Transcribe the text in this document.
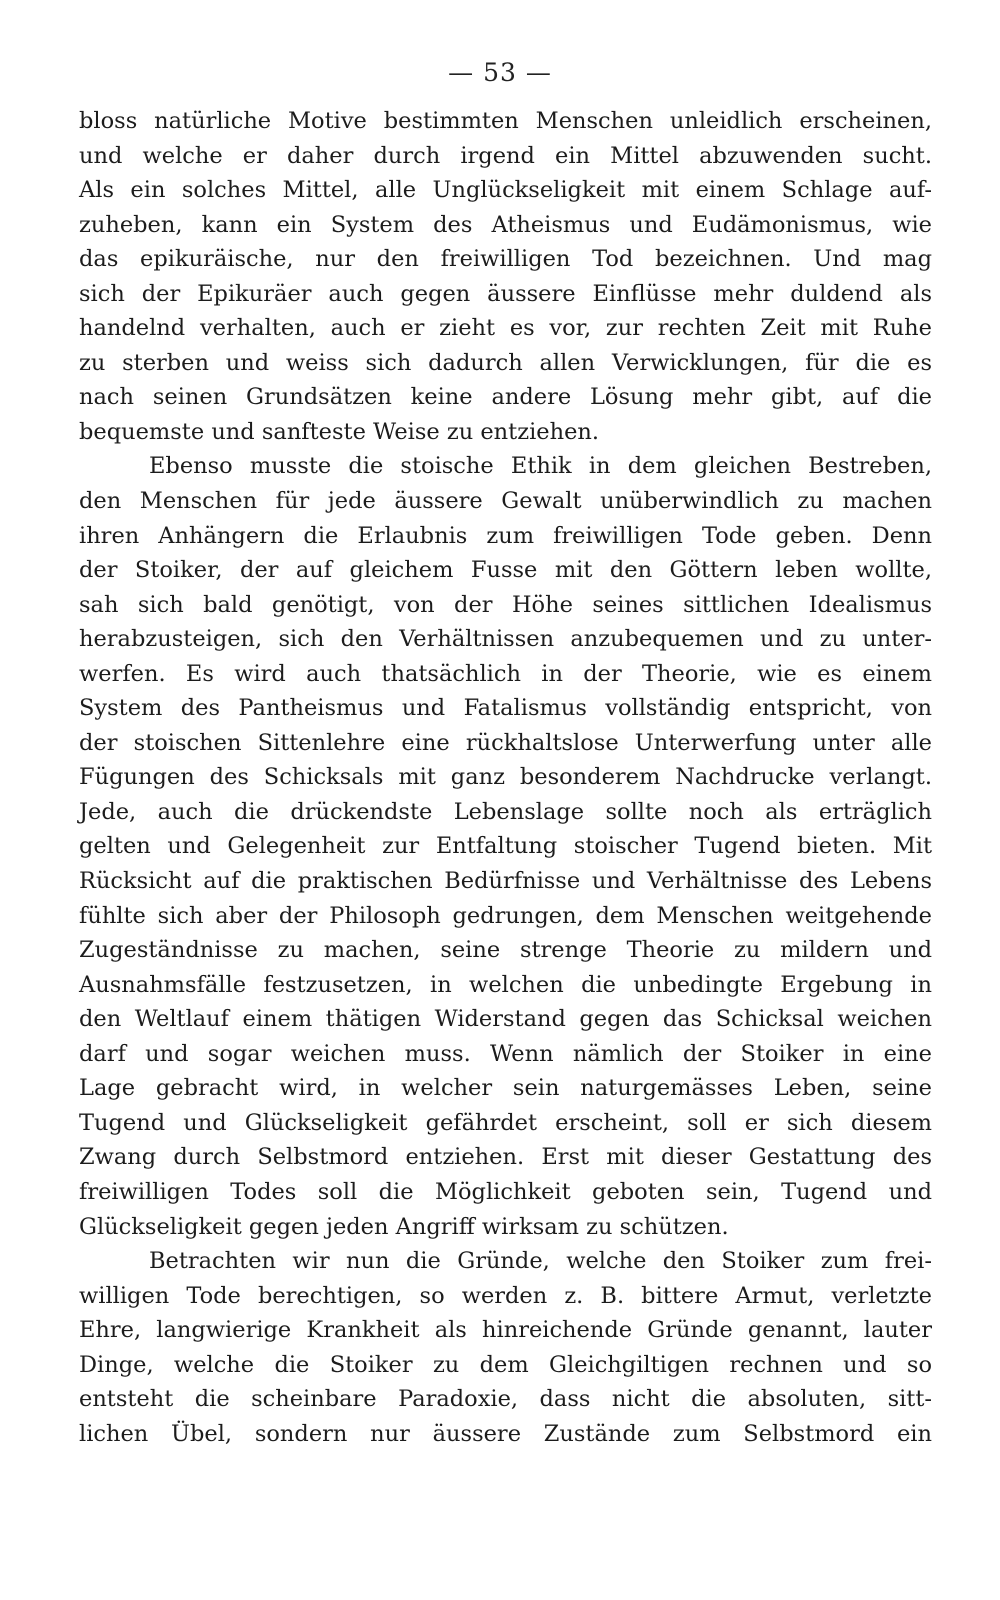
— 53 —
bloss natürliche Motive bestimmten Menschen unleidlich erscheinen,
und welche er daher durch irgend ein Mittel abzuwenden sucht.
Als ein solches Mittel, alle Unglückseligkeit mit einem Schlage auf-
zuheben, kann ein System des Atheismus und Eudämonismus, wie
das epikuräische, nur den freiwilligen Tod bezeichnen. Und mag
sich der Epikuräer auch gegen äussere Einflüsse mehr duldend als
handelnd verhalten, auch er zieht es vor, zur rechten Zeit mit Ruhe
zu sterben und weiss sich dadurch allen Verwicklungen, für die es
nach seinen Grundsätzen keine andere Lösung mehr gibt, auf die
bequemste und sanfteste Weise zu entziehen.
Ebenso musste die stoische Ethik in dem gleichen Bestreben,
den Menschen für jede äussere Gewalt unüberwindlich zu machen
ihren Anhängern die Erlaubnis zum freiwilligen Tode geben. Denn
der Stoiker, der auf gleichem Fusse mit den Göttern leben wollte,
sah sich bald genötigt, von der Höhe seines sittlichen Idealismus
herabzusteigen, sich den Verhältnissen anzubequemen und zu unter-
werfen. Es wird auch thatsächlich in der Theorie, wie es einem
System des Pantheismus und Fatalismus vollständig entspricht, von
der stoischen Sittenlehre eine rückhaltslose Unterwerfung unter alle
Fügungen des Schicksals mit ganz besonderem Nachdrucke verlangt.
Jede, auch die drückendste Lebenslage sollte noch als erträglich
gelten und Gelegenheit zur Entfaltung stoischer Tugend bieten. Mit
Rücksicht auf die praktischen Bedürfnisse und Verhältnisse des Lebens
fühlte sich aber der Philosoph gedrungen, dem Menschen weitgehende
Zugeständnisse zu machen, seine strenge Theorie zu mildern und
Ausnahmsfälle festzusetzen, in welchen die unbedingte Ergebung in
den Weltlauf einem thätigen Widerstand gegen das Schicksal weichen
darf und sogar weichen muss. Wenn nämlich der Stoiker in eine
Lage gebracht wird, in welcher sein naturgemässes Leben, seine
Tugend und Glückseligkeit gefährdet erscheint, soll er sich diesem
Zwang durch Selbstmord entziehen. Erst mit dieser Gestattung des
freiwilligen Todes soll die Möglichkeit geboten sein, Tugend und
Glückseligkeit gegen jeden Angriff wirksam zu schützen.
Betrachten wir nun die Gründe, welche den Stoiker zum frei-
willigen Tode berechtigen, so werden z. B. bittere Armut, verletzte
Ehre, langwierige Krankheit als hinreichende Gründe genannt, lauter
Dinge, welche die Stoiker zu dem Gleichgiltigen rechnen und so
entsteht die scheinbare Paradoxie, dass nicht die absoluten, sitt-
lichen Übel, sondern nur äussere Zustände zum Selbstmord ein
